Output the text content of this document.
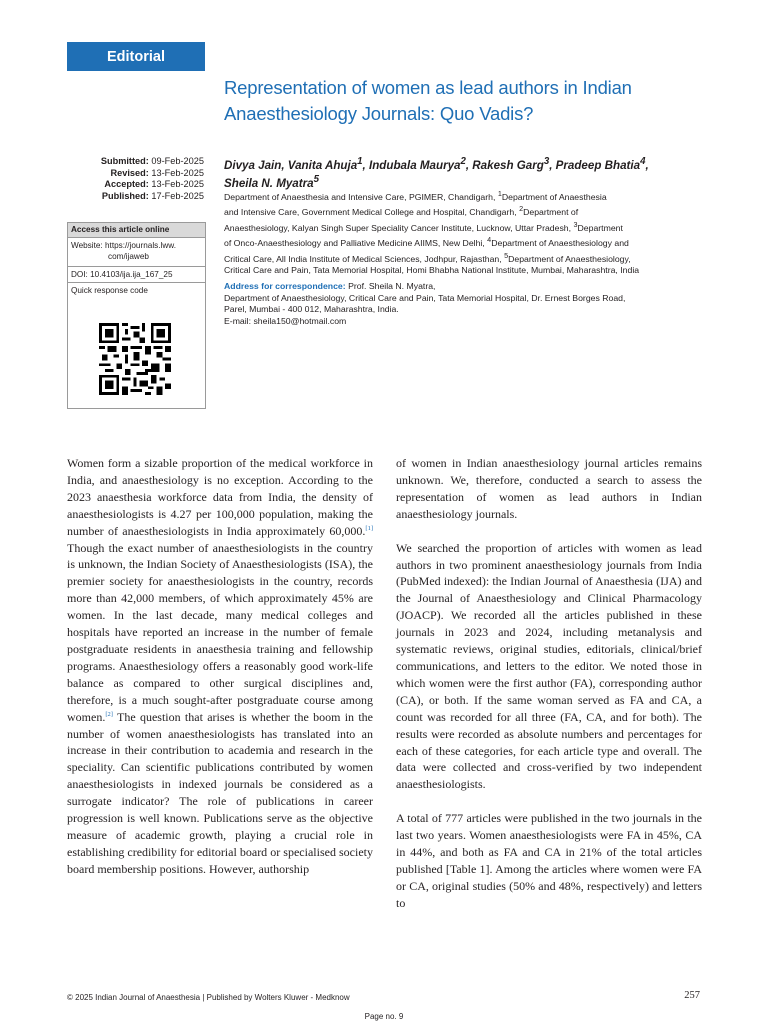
Editorial
Representation of women as lead authors in Indian
Anaesthesiology Journals: Quo Vadis?
Submitted: 09-Feb-2025
Revised: 13-Feb-2025
Accepted: 13-Feb-2025
Published: 17-Feb-2025
Divya Jain, Vanita Ahuja$^1$, Indubala Maurya$^2$, Rakesh Garg$^3$, Pradeep Bhatia$^4$,
Sheila N. Myatra$^5$
Department of Anaesthesia and Intensive Care, PGIMER, Chandigarh, $^1$Department of Anaesthesia
and Intensive Care, Government Medical College and Hospital, Chandigarh, $^2$Department of
Anaesthesiology, Kalyan Singh Super Speciality Cancer Institute, Lucknow, Uttar Pradesh, $^3$Department
of Onco-Anaesthesiology and Palliative Medicine AIIMS, New Delhi, $^4$Department of Anaesthesiology and
Critical Care, All India Institute of Medical Sciences, Jodhpur, Rajasthan, $^5$Department of Anaesthesiology,
Critical Care and Pain, Tata Memorial Hospital, Homi Bhabha National Institute, Mumbai, Maharashtra, India
Address for correspondence: Prof. Sheila N. Myatra,
Department of Anaesthesiology, Critical Care and Pain, Tata Memorial Hospital, Dr. Ernest Borges Road,
Parel, Mumbai - 400 012, Maharashtra, India.
E-mail: sheila150@hotmail.com
Access this article online
Website: https://journals.lww.
com/ijaweb
DOI: 10.4103/ija.ija_167_25
Quick response code

Women form a sizable proportion of the medical workforce in India, and anaesthesiology is no exception. According to the 2023 anaesthesia workforce data from India, the density of anaesthesiologists is 4.27 per 100,000 population, making the number of anaesthesiologists in India approximately 60,000.[1] Though the exact number of anaesthesiologists in the country is unknown, the Indian Society of Anaesthesiologists (ISA), the premier society for anaesthesiologists in the country, records more than 42,000 members, of which approximately 45% are women. In the last decade, many medical colleges and hospitals have reported an increase in the number of female postgraduate residents in anaesthesia training and fellowship programs. Anaesthesiology offers a reasonably good work-life balance as compared to other surgical disciplines and, therefore, is a much sought-after postgraduate course among women.[2] The question that arises is whether the boom in the number of women anaesthesiologists has translated into an increase in their contribution to academia and research in the speciality. Can scientific publications contributed by women anaesthesiologists in indexed journals be considered as a surrogate indicator? The role of publications in career progression is well known. Publications serve as the objective measure of academic growth, playing a crucial role in establishing credibility for editorial board or specialised society board membership positions. However, authorship

of women in Indian anaesthesiology journal articles remains unknown. We, therefore, conducted a search to assess the representation of women as lead authors in Indian anaesthesiology journals.

We searched the proportion of articles with women as lead authors in two prominent anaesthesiology journals from India (PubMed indexed): the Indian Journal of Anaesthesia (IJA) and the Journal of Anaesthesiology and Clinical Pharmacology (JOACP). We recorded all the articles published in these journals in 2023 and 2024, including metanalysis and systematic reviews, original studies, editorials, clinical/brief communications, and letters to the editor. We noted those in which women were the first author (FA), corresponding author (CA), or both. If the same woman served as FA and CA, a count was recorded for all three (FA, CA, and for both). The results were recorded as absolute numbers and percentages for each of these categories, for each article type and overall. The data were collected and cross-verified by two independent anaesthesiologists.

A total of 777 articles were published in the two journals in the last two years. Women anaesthesiologists were FA in 45%, CA in 44%, and both as FA and CA in 21% of the total articles published [Table 1]. Among the articles where women were FA or CA, original studies (50% and 48%, respectively) and letters to

© 2025 Indian Journal of Anaesthesia | Published by Wolters Kluwer - Medknow	257
Page no. 9
